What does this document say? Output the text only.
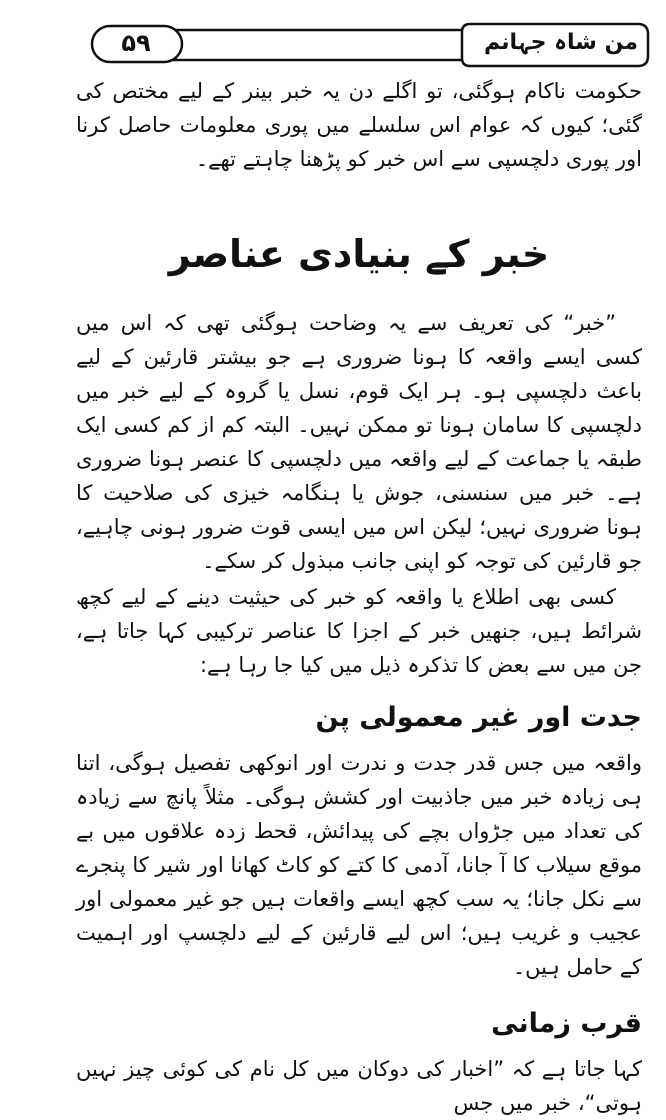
۵۹	من شاہ جہانم

حکومت ناکام ہوگئی، تو اگلے دن یہ خبر بینر کے لیے مختص کی گئی؛ کیوں کہ عوام اس سلسلے میں پوری معلومات حاصل کرنا اور پوری دلچسپی سے اس خبر کو پڑھنا چاہتے تھے۔

خبر کے بنیادی عناصر

”خبر“ کی تعریف سے یہ وضاحت ہوگئی تھی کہ اس میں کسی ایسے واقعہ کا ہونا ضروری ہے جو بیشتر قارئین کے لیے باعث دلچسپی ہو۔ ہر ایک قوم، نسل یا گروہ کے لیے خبر میں دلچسپی کا سامان ہونا تو ممکن نہیں۔ البتہ کم از کم کسی ایک طبقہ یا جماعت کے لیے واقعہ میں دلچسپی کا عنصر ہونا ضروری ہے۔ خبر میں سنسنی، جوش یا ہنگامہ خیزی کی صلاحیت کا ہونا ضروری نہیں؛ لیکن اس میں ایسی قوت ضرور ہونی چاہیے، جو قارئین کی توجہ کو اپنی جانب مبذول کر سکے۔

کسی بھی اطلاع یا واقعہ کو خبر کی حیثیت دینے کے لیے کچھ شرائط ہیں، جنھیں خبر کے اجزا کا عناصر ترکیبی کہا جاتا ہے، جن میں سے بعض کا تذکرہ ذیل میں کیا جا رہا ہے:

جدت اور غیر معمولی پن

واقعہ میں جس قدر جدت و ندرت اور انوکھی تفصیل ہوگی، اتنا ہی زیادہ خبر میں جاذبیت اور کشش ہوگی۔ مثلاً پانچ سے زیادہ کی تعداد میں جڑواں بچے کی پیدائش، قحط زدہ علاقوں میں بے موقع سیلاب کا آ جانا، آدمی کا کتے کو کاٹ کھانا اور شیر کا پنجرے سے نکل جانا؛ یہ سب کچھ ایسے واقعات ہیں جو غیر معمولی اور عجیب و غریب ہیں؛ اس لیے قارئین کے لیے دلچسپ اور اہمیت کے حامل ہیں۔

قرب زمانی

کہا جاتا ہے کہ ”اخبار کی دوکان میں کل نام کی کوئی چیز نہیں ہوتی“، خبر میں جس
